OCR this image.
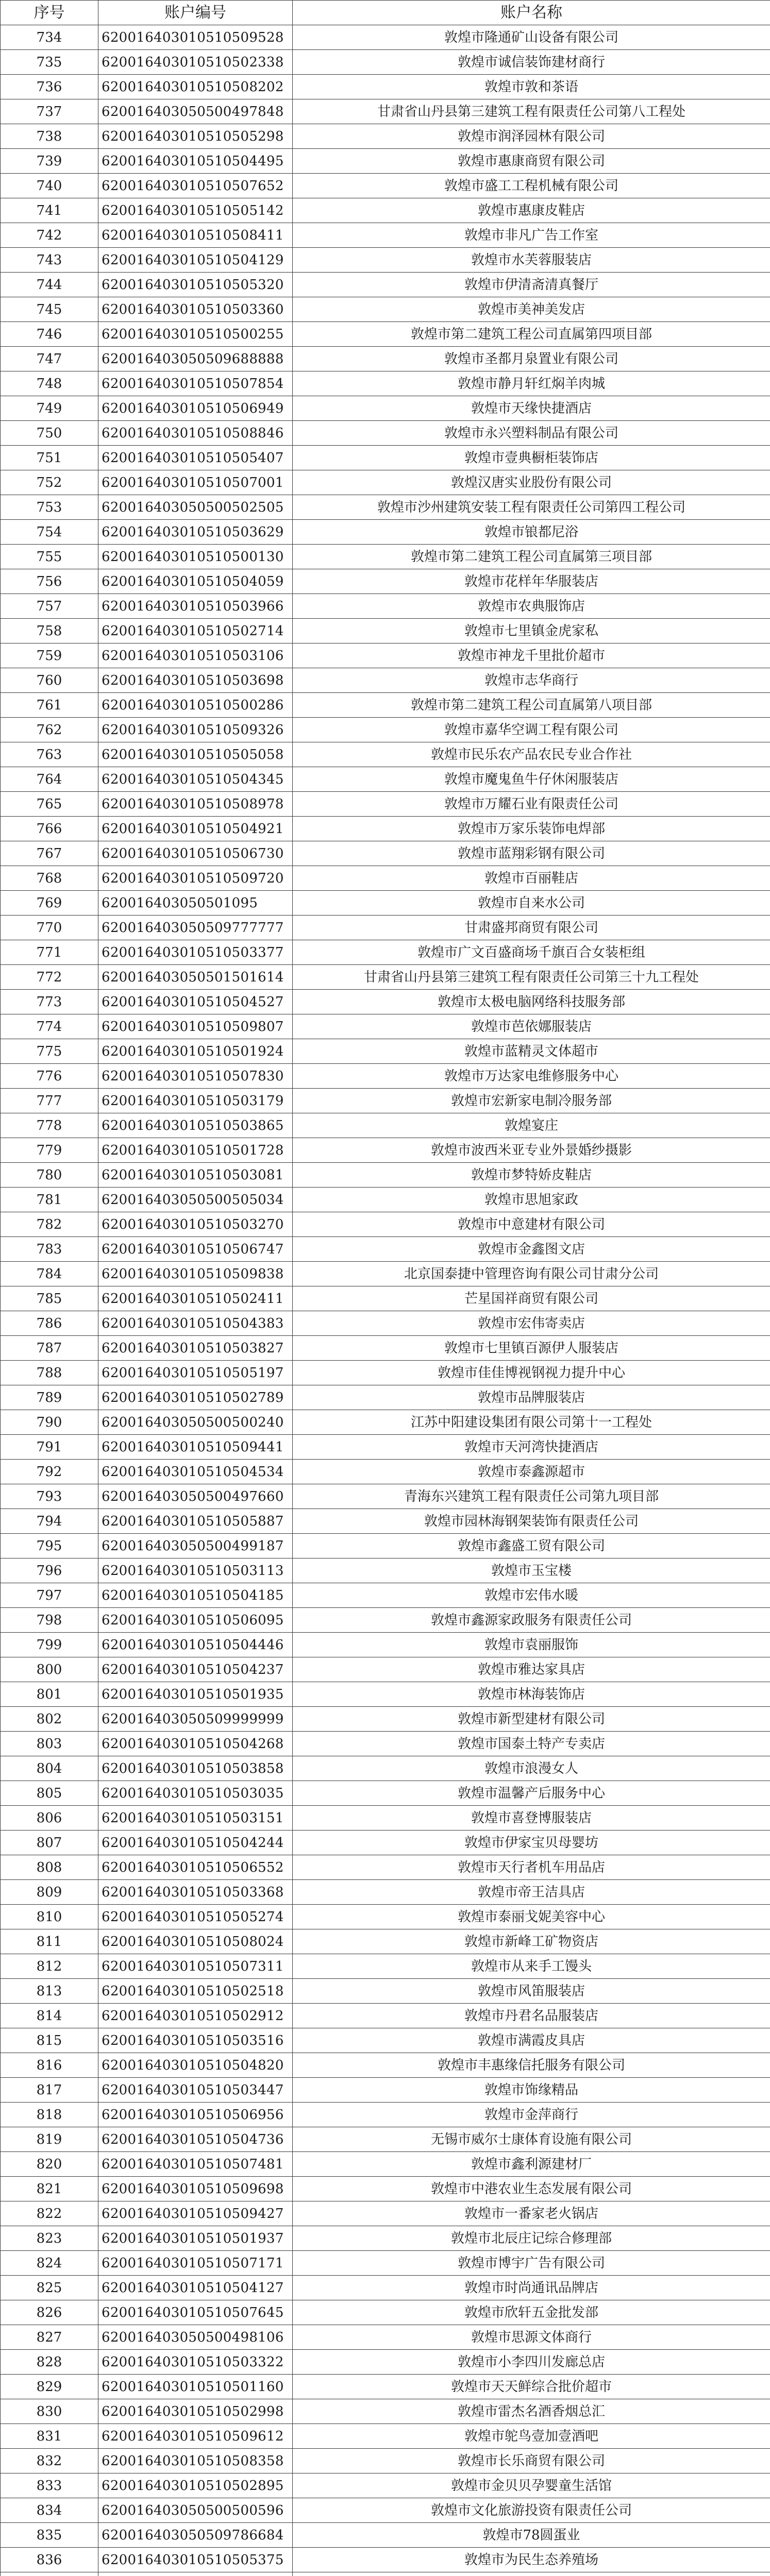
序号	账户编号	账户名称
734	620016403010510509528	敦煌市隆通矿山设备有限公司
735	620016403010510502338	敦煌市诚信装饰建材商行
736	620016403010510508202	敦煌市敦和茶语
737	620016403050500497848	甘肃省山丹县第三建筑工程有限责任公司第八工程处
738	620016403010510505298	敦煌市润泽园林有限公司
739	620016403010510504495	敦煌市惠康商贸有限公司
740	620016403010510507652	敦煌市盛工工程机械有限公司
741	620016403010510505142	敦煌市惠康皮鞋店
742	620016403010510508411	敦煌市非凡广告工作室
743	620016403010510504129	敦煌市水芙蓉服装店
744	620016403010510505320	敦煌市伊清斋清真餐厅
745	620016403010510503360	敦煌市美神美发店
746	620016403010510500255	敦煌市第二建筑工程公司直属第四项目部
747	620016403050509688888	敦煌市圣都月泉置业有限公司
748	620016403010510507854	敦煌市静月轩红焖羊肉城
749	620016403010510506949	敦煌市天缘快捷酒店
750	620016403010510508846	敦煌市永兴塑料制品有限公司
751	620016403010510505407	敦煌市壹典橱柜装饰店
752	620016403010510507001	敦煌汉唐实业股份有限公司
753	620016403050500502505	敦煌市沙州建筑安装工程有限责任公司第四工程公司
754	620016403010510503629	敦煌市锒都尼浴
755	620016403010510500130	敦煌市第二建筑工程公司直属第三项目部
756	620016403010510504059	敦煌市花样年华服装店
757	620016403010510503966	敦煌市农典服饰店
758	620016403010510502714	敦煌市七里镇金虎家私
759	620016403010510503106	敦煌市神龙千里批价超市
760	620016403010510503698	敦煌市志华商行
761	620016403010510500286	敦煌市第二建筑工程公司直属第八项目部
762	620016403010510509326	敦煌市嘉华空调工程有限公司
763	620016403010510505058	敦煌市民乐农产品农民专业合作社
764	620016403010510504345	敦煌市魔鬼鱼牛仔休闲服装店
765	620016403010510508978	敦煌市万耀石业有限责任公司
766	620016403010510504921	敦煌市万家乐装饰电焊部
767	620016403010510506730	敦煌市蓝翔彩钢有限公司
768	620016403010510509720	敦煌市百丽鞋店
769	620016403050501095	敦煌市自来水公司
770	620016403050509777777	甘肃盛邦商贸有限公司
771	620016403010510503377	敦煌市广文百盛商场千旗百合女装柜组
772	620016403050501501614	甘肃省山丹县第三建筑工程有限责任公司第三十九工程处
773	620016403010510504527	敦煌市太极电脑网络科技服务部
774	620016403010510509807	敦煌市芭依娜服装店
775	620016403010510501924	敦煌市蓝精灵文体超市
776	620016403010510507830	敦煌市万达家电维修服务中心
777	620016403010510503179	敦煌市宏新家电制冷服务部
778	620016403010510503865	敦煌宴庄
779	620016403010510501728	敦煌市波西米亚专业外景婚纱摄影
780	620016403010510503081	敦煌市梦特娇皮鞋店
781	620016403050500505034	敦煌市思旭家政
782	620016403010510503270	敦煌市中意建材有限公司
783	620016403010510506747	敦煌市金鑫图文店
784	620016403010510509838	北京国泰捷中管理咨询有限公司甘肃分公司
785	620016403010510502411	芒星国祥商贸有限公司
786	620016403010510504383	敦煌市宏伟寄卖店
787	620016403010510503827	敦煌市七里镇百源伊人服装店
788	620016403010510505197	敦煌市佳佳博视钢视力提升中心
789	620016403010510502789	敦煌市品牌服装店
790	620016403050500500240	江苏中阳建设集团有限公司第十一工程处
791	620016403010510509441	敦煌市天河湾快捷酒店
792	620016403010510504534	敦煌市泰鑫源超市
793	620016403050500497660	青海东兴建筑工程有限责任公司第九项目部
794	620016403010510505887	敦煌市园林海钢架装饰有限责任公司
795	620016403050500499187	敦煌市鑫盛工贸有限公司
796	620016403010510503113	敦煌市玉宝楼
797	620016403010510504185	敦煌市宏伟水暖
798	620016403010510506095	敦煌市鑫源家政服务有限责任公司
799	620016403010510504446	敦煌市袁丽服饰
800	620016403010510504237	敦煌市雅达家具店
801	620016403010510501935	敦煌市林海装饰店
802	620016403050509999999	敦煌市新型建材有限公司
803	620016403010510504268	敦煌市国泰土特产专卖店
804	620016403010510503858	敦煌市浪漫女人
805	620016403010510503035	敦煌市温馨产后服务中心
806	620016403010510503151	敦煌市喜登博服装店
807	620016403010510504244	敦煌市伊家宝贝母婴坊
808	620016403010510506552	敦煌市天行者机车用品店
809	620016403010510503368	敦煌市帝王洁具店
810	620016403010510505274	敦煌市泰丽戈妮美容中心
811	620016403010510508024	敦煌市新峰工矿物资店
812	620016403010510507311	敦煌市从来手工馒头
813	620016403010510502518	敦煌市风笛服装店
814	620016403010510502912	敦煌市丹君名品服装店
815	620016403010510503516	敦煌市满霞皮具店
816	620016403010510504820	敦煌市丰惠缘信托服务有限公司
817	620016403010510503447	敦煌市饰缘精品
818	620016403010510506956	敦煌市金萍商行
819	620016403010510504736	无锡市威尔士康体育设施有限公司
820	620016403010510507481	敦煌市鑫利源建材厂
821	620016403010510509698	敦煌市中港农业生态发展有限公司
822	620016403010510509427	敦煌市一番家老火锅店
823	620016403010510501937	敦煌市北辰庄记综合修理部
824	620016403010510507171	敦煌市博宇广告有限公司
825	620016403010510504127	敦煌市时尚通讯品牌店
826	620016403010510507645	敦煌市欣轩五金批发部
827	620016403050500498106	敦煌市思源文体商行
828	620016403010510503322	敦煌市小李四川发廊总店
829	620016403010510501160	敦煌市天天鲜综合批价超市
830	620016403010510502998	敦煌市雷杰名酒香烟总汇
831	620016403010510509612	敦煌市鸵鸟壹加壹酒吧
832	620016403010510508358	敦煌市长乐商贸有限公司
833	620016403010510502895	敦煌市金贝贝孕婴童生活馆
834	620016403050500500596	敦煌市文化旅游投资有限责任公司
835	620016403050509786684	敦煌市78圆蛋业
836	620016403010510505375	敦煌市为民生态养殖场
